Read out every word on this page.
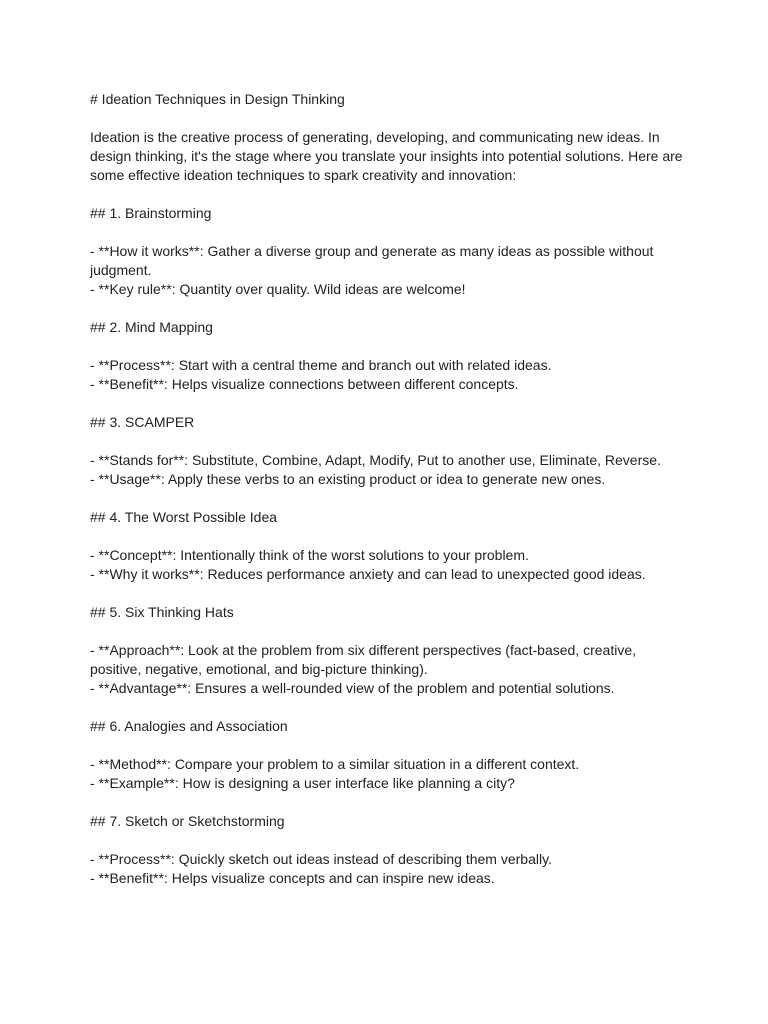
# Ideation Techniques in Design Thinking

Ideation is the creative process of generating, developing, and communicating new ideas. In design thinking, it's the stage where you translate your insights into potential solutions. Here are some effective ideation techniques to spark creativity and innovation:

## 1. Brainstorming

- **How it works**: Gather a diverse group and generate as many ideas as possible without judgment.

- **Key rule**: Quantity over quality. Wild ideas are welcome!

## 2. Mind Mapping

- **Process**: Start with a central theme and branch out with related ideas.

- **Benefit**: Helps visualize connections between different concepts.

## 3. SCAMPER

- **Stands for**: Substitute, Combine, Adapt, Modify, Put to another use, Eliminate, Reverse.

- **Usage**: Apply these verbs to an existing product or idea to generate new ones.

## 4. The Worst Possible Idea

- **Concept**: Intentionally think of the worst solutions to your problem.

- **Why it works**: Reduces performance anxiety and can lead to unexpected good ideas.

## 5. Six Thinking Hats

- **Approach**: Look at the problem from six different perspectives (fact-based, creative, positive, negative, emotional, and big-picture thinking).

- **Advantage**: Ensures a well-rounded view of the problem and potential solutions.

## 6. Analogies and Association

- **Method**: Compare your problem to a similar situation in a different context.

- **Example**: How is designing a user interface like planning a city?

## 7. Sketch or Sketchstorming

- **Process**: Quickly sketch out ideas instead of describing them verbally.

- **Benefit**: Helps visualize concepts and can inspire new ideas.
